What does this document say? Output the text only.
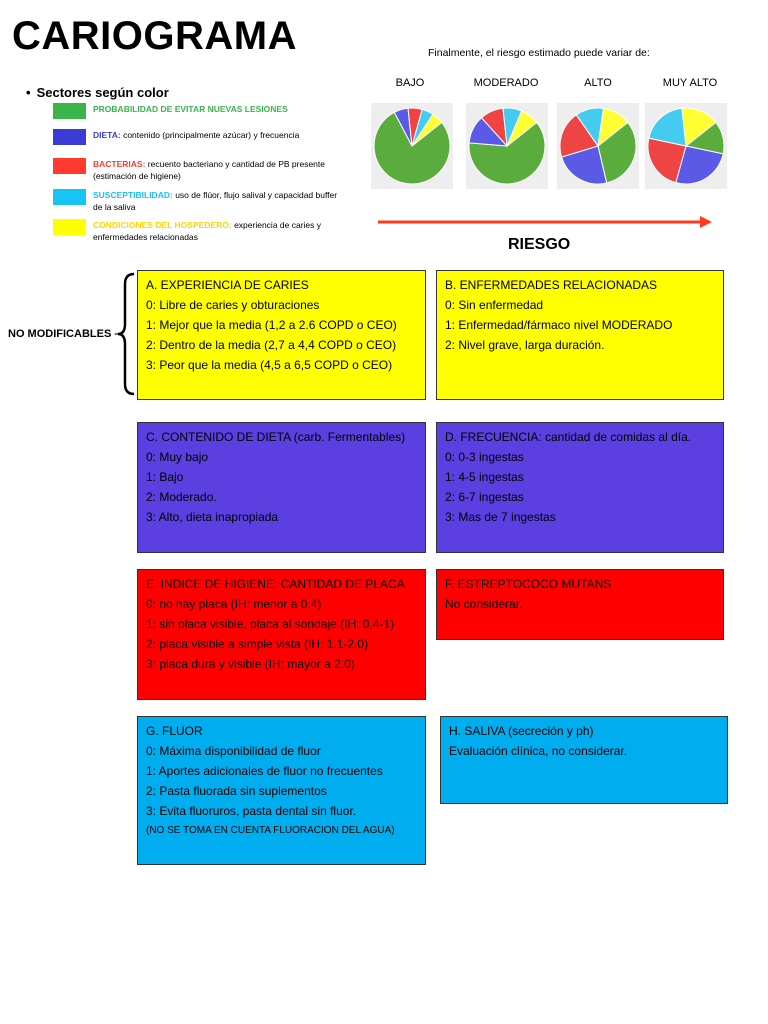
CARIOGRAMA
• Sectores según color
PROBABILIDAD DE EVITAR NUEVAS LESIONES
DIETA: contenido (principalmente azúcar) y frecuencia
BACTERIAS: recuento bacteriano y cantidad de PB presente (estimación de higiene)
SUSCEPTIBILIDAD: uso de flúor, flujo salival y capacidad buffer de la saliva
CONDICIONES DEL HOSPEDERO: experiencia de caries y enfermedades relacionadas
Finalmente, el riesgo estimado puede variar de:
BAJO	MODERADO	ALTO	MUY ALTO
RIESGO
NO MODIFICABLES –
A. EXPERIENCIA DE CARIES
0: Libre de caries y obturaciones
1: Mejor que la media (1,2 a 2.6 COPD o CEO)
2: Dentro de la media (2,7 a 4,4 COPD o CEO)
3: Peor que la media (4,5 a 6,5 COPD o CEO)
B. ENFERMEDADES RELACIONADAS
0: Sin enfermedad
1: Enfermedad/fármaco nivel MODERADO
2: Nivel grave, larga duración.
C. CONTENIDO DE DIETA (carb. Fermentables)
0: Muy bajo
1: Bajo
2: Moderado.
3: Alto, dieta inapropiada
D. FRECUENCIA: cantidad de comidas al día.
0: 0-3 ingestas
1: 4-5 ingestas
2: 6-7 ingestas
3: Mas de 7 ingestas
E. INDICE DE HIGIENE: CANTIDAD DE PLACA
0: no hay placa (IH: menor a 0.4)
1: sin placa visible, placa al sondaje (IH: 0,4-1)
2: placa visible a simple vista (IH: 1.1-2.0)
3: placa dura y visible (IH: mayor a 2.0)
F. ESTREPTOCOCO MUTANS
No considerar.
G. FLUOR
0: Máxima disponibilidad de fluor
1: Aportes adicionales de fluor no frecuentes
2: Pasta fluorada sin suplementos
3: Evita fluoruros, pasta dental sin fluor.
(NO SE TOMA EN CUENTA FLUORACION DEL AGUA)
H. SALIVA (secreción y ph)
Evaluación clínica, no considerar.
